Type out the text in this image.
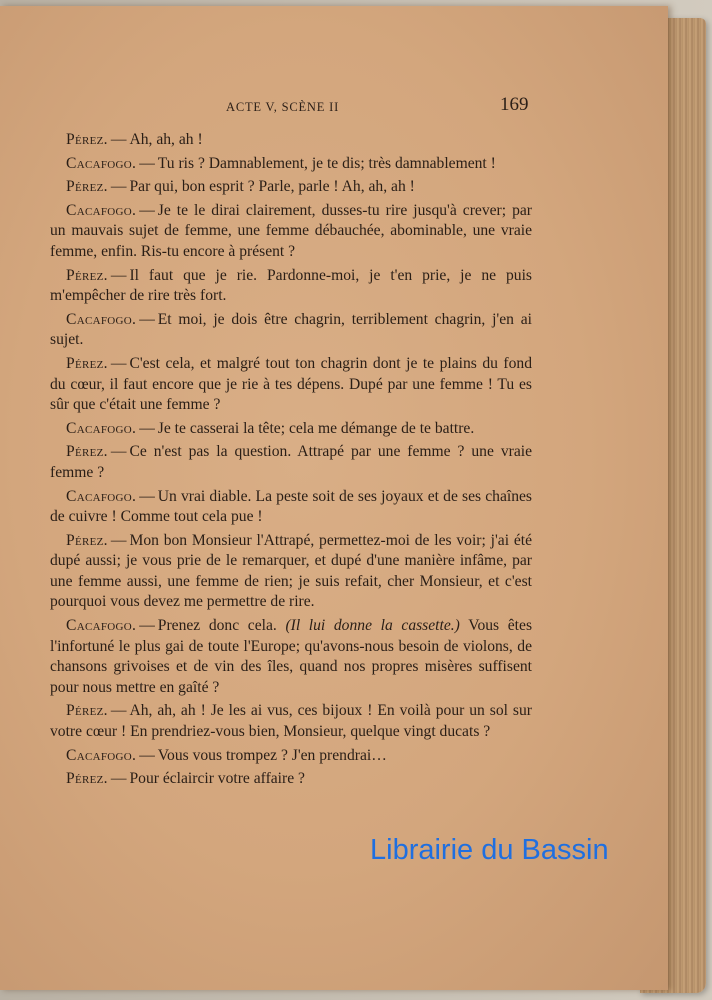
ACTE V, SCÈNE II	169

Pérez. — Ah, ah, ah !

Cacafogo. — Tu ris ? Damnablement, je te dis; très damnablement !

Pérez. — Par qui, bon esprit ? Parle, parle ! Ah, ah, ah !

Cacafogo. — Je te le dirai clairement, dusses-tu rire jusqu'à crever; par un mauvais sujet de femme, une femme débauchée, abominable, une vraie femme, enfin. Ris-tu encore à présent ?

Pérez. — Il faut que je rie. Pardonne-moi, je t'en prie, je ne puis m'empêcher de rire très fort.

Cacafogo. — Et moi, je dois être chagrin, terriblement chagrin, j'en ai sujet.

Pérez. — C'est cela, et malgré tout ton chagrin dont je te plains du fond du cœur, il faut encore que je rie à tes dépens. Dupé par une femme ! Tu es sûr que c'était une femme ?

Cacafogo. — Je te casserai la tête; cela me démange de te battre.

Pérez. — Ce n'est pas la question. Attrapé par une femme ? une vraie femme ?

Cacafogo. — Un vrai diable. La peste soit de ses joyaux et de ses chaînes de cuivre ! Comme tout cela pue !

Pérez. — Mon bon Monsieur l'Attrapé, permettez-moi de les voir; j'ai été dupé aussi; je vous prie de le remarquer, et dupé d'une manière infâme, par une femme aussi, une femme de rien; je suis refait, cher Monsieur, et c'est pourquoi vous devez me permettre de rire.

Cacafogo. — Prenez donc cela. (Il lui donne la cassette.) Vous êtes l'infortuné le plus gai de toute l'Europe; qu'avons-nous besoin de violons, de chansons grivoises et de vin des îles, quand nos propres misères suffisent pour nous mettre en gaîté ?

Pérez. — Ah, ah, ah ! Je les ai vus, ces bijoux ! En voilà pour un sol sur votre cœur ! En prendriez-vous bien, Monsieur, quelque vingt ducats ?

Cacafogo. — Vous vous trompez ? J'en prendrai…

Pérez. — Pour éclaircir votre affaire ?

Librairie du Bassin
